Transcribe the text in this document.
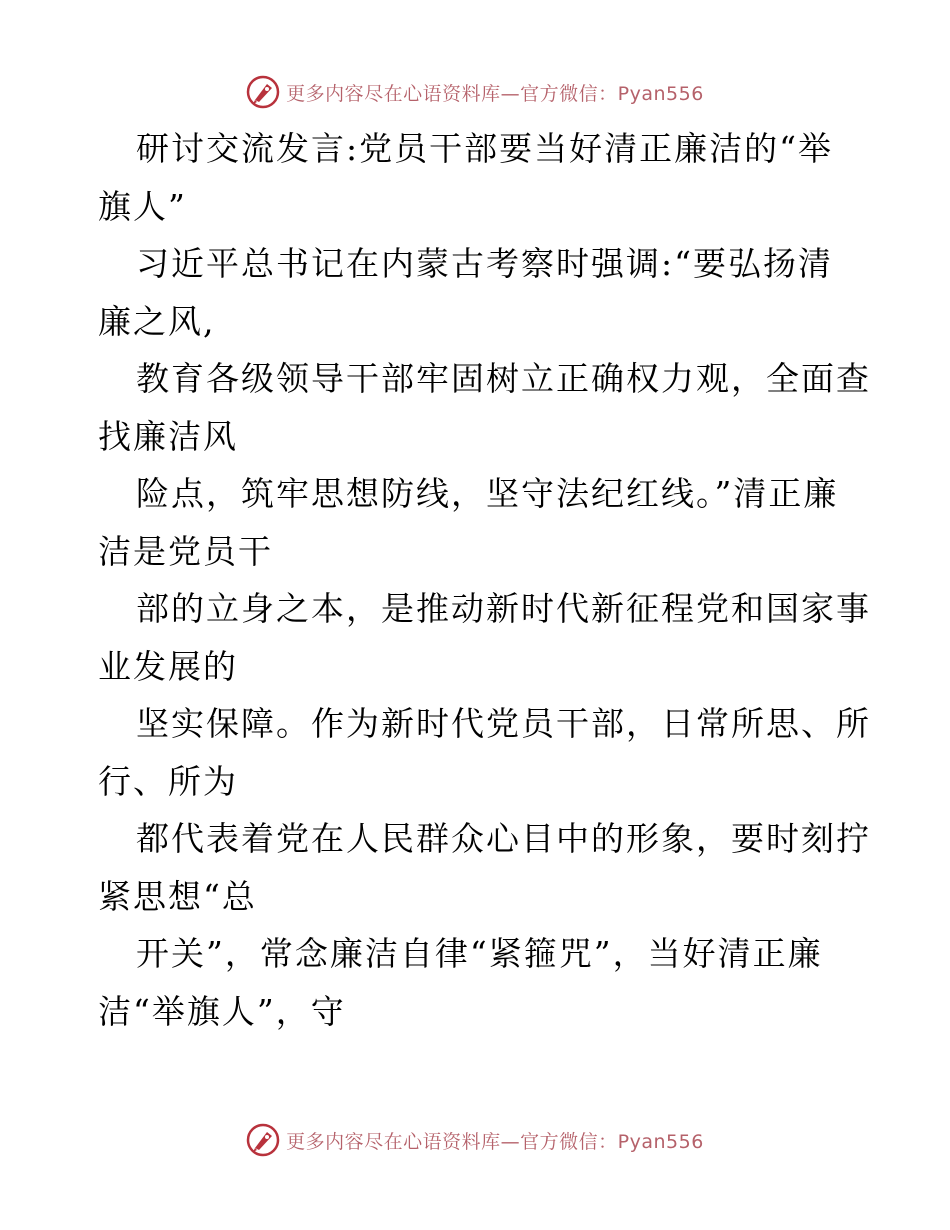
更多内容尽在心语资料库—官方微信：Pyan556

研讨交流发言:党员干部要当好清正廉洁的“举
旗人”

习近平总书记在内蒙古考察时强调:“要弘扬清
廉之风,

教育各级领导干部牢固树立正确权力观，全面查
找廉洁风

险点，筑牢思想防线，坚守法纪红线。”清正廉
洁是党员干

部的立身之本，是推动新时代新征程党和国家事
业发展的

坚实保障。作为新时代党员干部，日常所思、所
行、所为

都代表着党在人民群众心目中的形象，要时刻拧
紧思想“总

开关”，常念廉洁自律“紧箍咒”，当好清正廉
洁“举旗人”，守

更多内容尽在心语资料库—官方微信：Pyan556
